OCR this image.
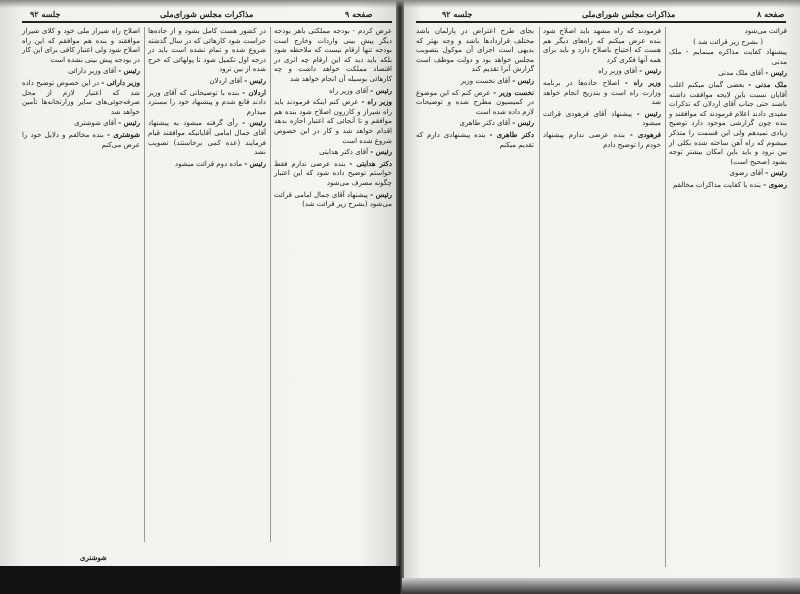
جلسه ۹۲	مذاکرات مجلس شورای‌ملی	صفحه ۹

اصلاح راه شیراز ملی خود و کلای شیراز موافقند و بنده هم موافقم که این راه اصلاح شود ولی اعتبار کافی برای این کار در بودجه پیش بینی نشده است

رئیس - آقای وزیر دارائی

وزیر دارائی - در این خصوص توضیح داده شد که اعتبار لازم از محل صرفه‌جوئی‌های سایر وزارتخانه‌ها تأمین خواهد شد

رئیس - آقای شوشتری

شوشتری - بنده مخالفم و دلایل خود را عرض می‌کنم

در کشور هست کامل بشود و از جاده‌ها حراست شود کارهائی که در سال گذشته شروع شده و تمام نشده است باید در درجه اول تکمیل شود تا پولهائی که خرج شده از بین نرود

رئیس - آقای اردلان

اردلان - بنده با توضیحاتی که آقای وزیر دادند قانع شدم و پیشنهاد خود را مسترد میدارم

رئیس - رأی گرفته میشود به پیشنهاد آقای جمال امامی آقایانیکه موافقند قیام فرمایند (عده کمی برخاستند) تصویب نشد

رئیس - ماده دوم قرائت میشود

عرض کردم - بودجه مملکتی باهر بودجه دیگر پیش بینی واردات وخارج است بودجه تنها ارقام نیست که ملاحظه شود بلکه باید دید که این ارقام چه اثری در اقتصاد مملکت خواهد داشت و چه کارهائی بوسیله آن انجام خواهد شد

رئیس - آقای وزیر راه

وزیر راه - عرض کنم اینکه فرمودند باید راه شیراز و کازرون اصلاح شود بنده هم موافقم و تا آنجائی که اعتبار اجازه بدهد اقدام خواهد شد و کار در این خصوص شروع شده است

رئیس - آقای دکتر هدایتی

دکتر هدایتی - بنده عرضی ندارم فقط خواستم توضیح داده شود که این اعتبار چگونه مصرف می‌شود

رئیس - پیشنهاد آقای جمال امامی قرائت می‌شود (بشرح زیر قرائت شد)

شوشتری
جلسه ۹۲	مذاکرات مجلس شورای‌ملی	صفحه ۸

بجای طرح اعتراض در پارلمان باشد مختلف قراردادها باشد و وجه بهتر که بدیهی است اجرای آن موکول بتصویب مجلس خواهد بود و دولت موظف است گزارش آنرا تقدیم کند

رئیس - آقای نخست وزیر

نخست وزیر - عرض کنم که این موضوع در کمیسیون مطرح شده و توضیحات لازم داده شده است

رئیس - آقای دکتر طاهری

دکتر طاهری - بنده پیشنهادی دارم که تقدیم میکنم

فرمودند که راه مشهد باید اصلاح شود بنده عرض میکنم که راه‌های دیگر هم هست که احتیاج باصلاح دارد و باید برای همه آنها فکری کرد

رئیس - آقای وزیر راه

وزیر راه - اصلاح جاده‌ها در برنامه وزارت راه است و بتدریج انجام خواهد شد

رئیس - پیشنهاد آقای فرهودی قرائت میشود

فرهودی - بنده عرضی ندارم پیشنهاد خودم را توضیح دادم

قرائت می‌شود

( بشرح زیر قرائت شد )

پیشنهاد کفایت مذاکره مینمایم - ملک مدنی

رئیس - آقای ملک مدنی

ملک مدنی - بعضی گمان میکنم اغلب آقایان نسبت باین لایحه موافقت داشته باشند حتی جناب آقای اردلان که تذکرات مفیدی دادند اعلام فرمودند که موافقند و بنده چون گزارشی موجود دارد توضیح زیادی نمیدهم ولی این قسمت را متذکر میشوم که راه آهن ساخته شده بکلی از بین نرود و باید باین امکان بیشتر توجه بشود (صحیح است)

رئیس - آقای رضوی

رضوی - بنده با کفایت مذاکرات مخالفم
